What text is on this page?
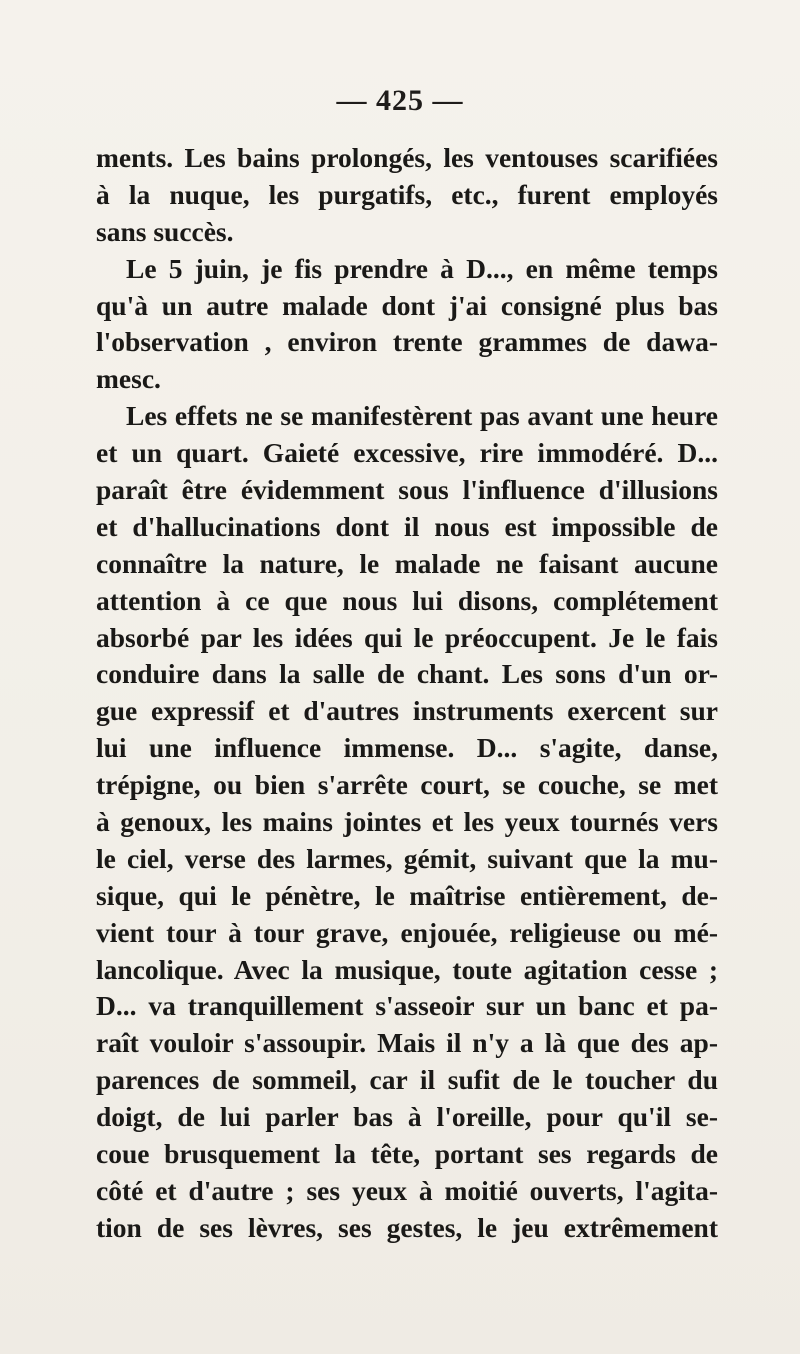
— 425 —
ments. Les bains prolongés, les ventouses scarifiées
à la nuque, les purgatifs, etc., furent employés
sans succès.
Le 5 juin, je fis prendre à D..., en même temps
qu'à un autre malade dont j'ai consigné plus bas
l'observation , environ trente grammes de dawa-
mesc.
Les effets ne se manifestèrent pas avant une heure
et un quart. Gaieté excessive, rire immodéré. D...
paraît être évidemment sous l'influence d'illusions
et d'hallucinations dont il nous est impossible de
connaître la nature, le malade ne faisant aucune
attention à ce que nous lui disons, complétement
absorbé par les idées qui le préoccupent. Je le fais
conduire dans la salle de chant. Les sons d'un or-
gue expressif et d'autres instruments exercent sur
lui une influence immense. D... s'agite, danse,
trépigne, ou bien s'arrête court, se couche, se met
à genoux, les mains jointes et les yeux tournés vers
le ciel, verse des larmes, gémit, suivant que la mu-
sique, qui le pénètre, le maîtrise entièrement, de-
vient tour à tour grave, enjouée, religieuse ou mé-
lancolique. Avec la musique, toute agitation cesse ;
D... va tranquillement s'asseoir sur un banc et pa-
raît vouloir s'assoupir. Mais il n'y a là que des ap-
parences de sommeil, car il sufit de le toucher du
doigt, de lui parler bas à l'oreille, pour qu'il se-
coue brusquement la tête, portant ses regards de
côté et d'autre ; ses yeux à moitié ouverts, l'agita-
tion de ses lèvres, ses gestes, le jeu extrêmement
